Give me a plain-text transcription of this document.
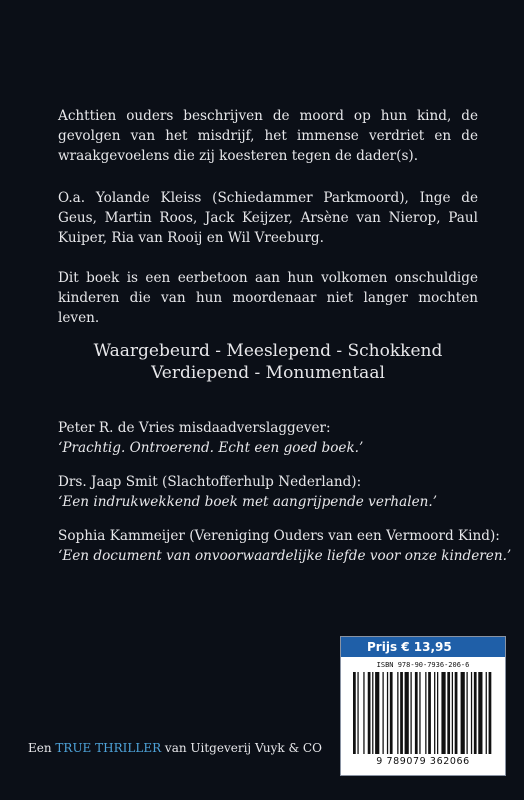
Achttien ouders beschrijven de moord op hun kind, de gevolgen van het misdrijf, het immense verdriet en de wraakgevoelens die zij koesteren tegen de dader(s).
O.a. Yolande Kleiss (Schiedammer Parkmoord), Inge de Geus, Martin Roos, Jack Keijzer, Arsène van Nierop, Paul Kuiper, Ria van Rooij en Wil Vreeburg.
Dit boek is een eerbetoon aan hun volkomen onschuldige kinderen die van hun moordenaar niet langer mochten leven.
Waargebeurd - Meeslepend - Schokkend
Verdiepend - Monumentaal
Peter R. de Vries misdaadverslaggever:
‘Prachtig. Ontroerend. Echt een goed boek.’
Drs. Jaap Smit (Slachtofferhulp Nederland):
‘Een indrukwekkend boek met aangrijpende verhalen.’
Sophia Kammeijer (Vereniging Ouders van een Vermoord Kind):
‘Een document van onvoorwaardelijke liefde voor onze kinderen.’
Een TRUE THRILLER van Uitgeverij Vuyk & CO
Prijs € 13,95
ISBN 978-90-7936-206-6
9 789079 362066
